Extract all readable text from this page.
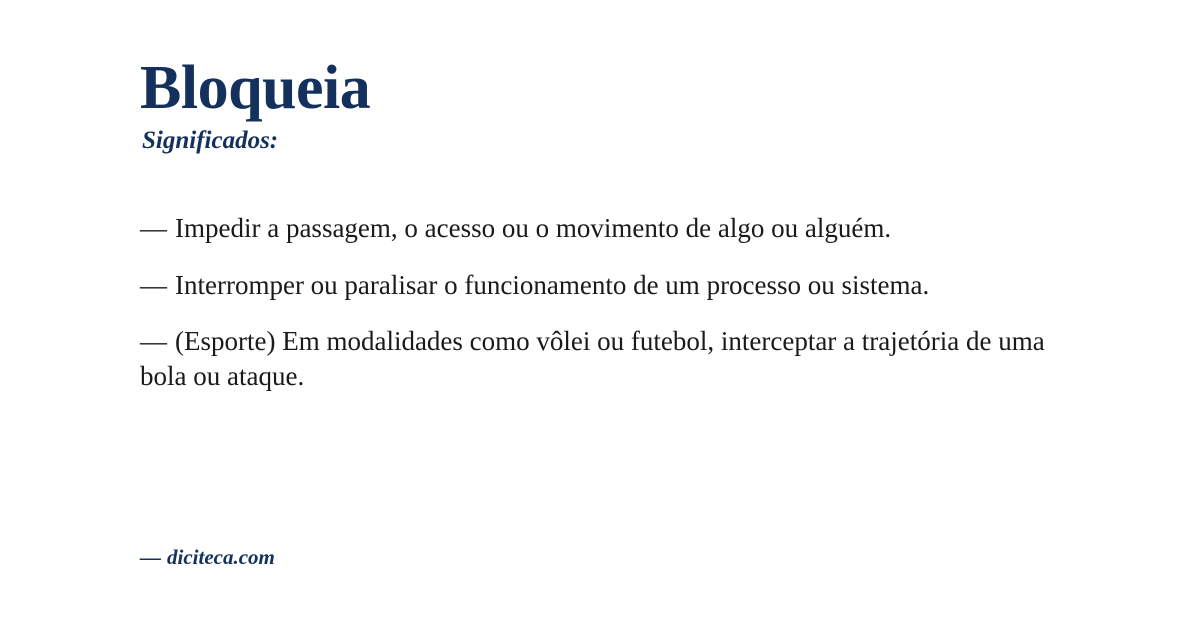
Bloqueia
Significados:

— Impedir a passagem, o acesso ou o movimento de algo ou alguém.

— Interromper ou paralisar o funcionamento de um processo ou sistema.

— (Esporte) Em modalidades como vôlei ou futebol, interceptar a trajetória de uma bola ou ataque.

— diciteca.com
